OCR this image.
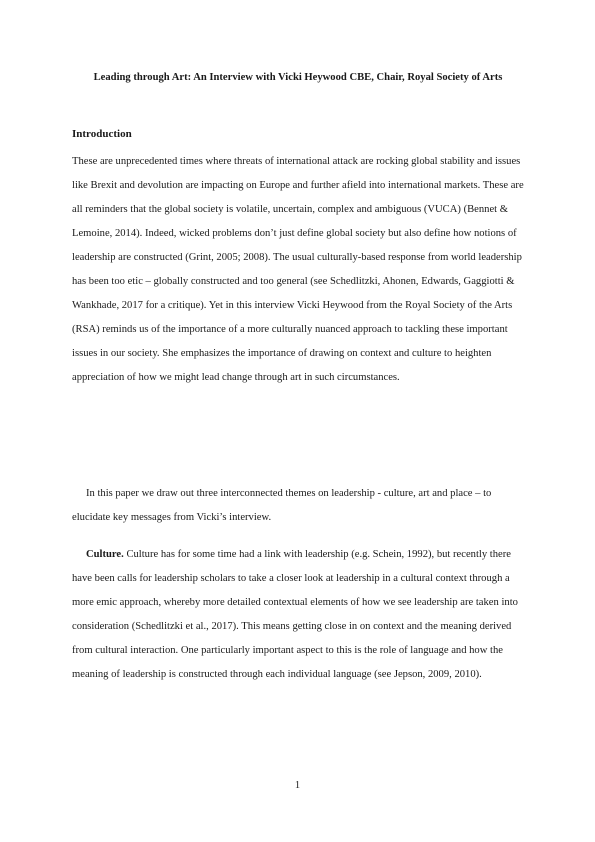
Leading through Art: An Interview with Vicki Heywood CBE, Chair, Royal Society of Arts
Introduction

These are unprecedented times where threats of international attack are rocking global stability and issues like Brexit and devolution are impacting on Europe and further afield into international markets. These are all reminders that the global society is volatile, uncertain, complex and ambiguous (VUCA) (Bennet & Lemoine, 2014). Indeed, wicked problems don’t just define global society but also define how notions of leadership are constructed (Grint, 2005; 2008). The usual culturally-based response from world leadership has been too etic – globally constructed and too general (see Schedlitzki, Ahonen, Edwards, Gaggiotti & Wankhade, 2017 for a critique). Yet in this interview Vicki Heywood from the Royal Society of the Arts (RSA) reminds us of the importance of a more culturally nuanced approach to tackling these important issues in our society. She emphasizes the importance of drawing on context and culture to heighten appreciation of how we might lead change through art in such circumstances.

In this paper we draw out three interconnected themes on leadership - culture, art and place – to elucidate key messages from Vicki’s interview.

Culture. Culture has for some time had a link with leadership (e.g. Schein, 1992), but recently there have been calls for leadership scholars to take a closer look at leadership in a cultural context through a more emic approach, whereby more detailed contextual elements of how we see leadership are taken into consideration (Schedlitzki et al., 2017). This means getting close in on context and the meaning derived from cultural interaction. One particularly important aspect to this is the role of language and how the meaning of leadership is constructed through each individual language (see Jepson, 2009, 2010).

1
